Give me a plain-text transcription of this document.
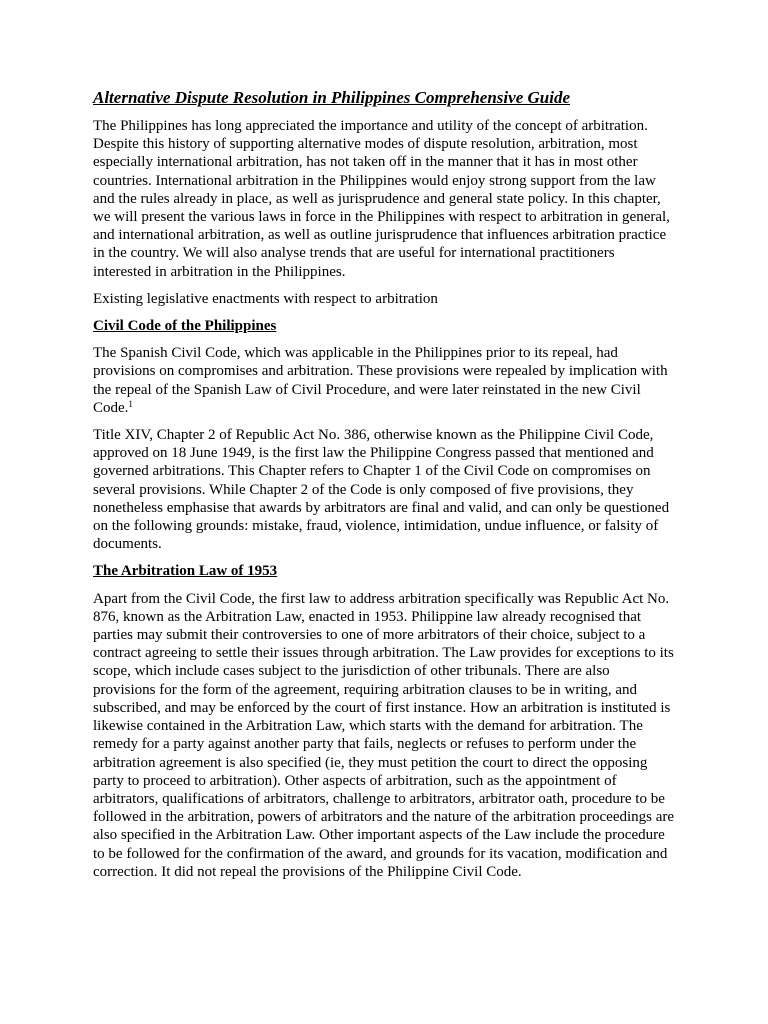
Alternative Dispute Resolution in Philippines Comprehensive Guide

The Philippines has long appreciated the importance and utility of the concept of arbitration. Despite this history of supporting alternative modes of dispute resolution, arbitration, most especially international arbitration, has not taken off in the manner that it has in most other countries. International arbitration in the Philippines would enjoy strong support from the law and the rules already in place, as well as jurisprudence and general state policy. In this chapter, we will present the various laws in force in the Philippines with respect to arbitration in general, and international arbitration, as well as outline jurisprudence that influences arbitration practice in the country. We will also analyse trends that are useful for international practitioners interested in arbitration in the Philippines.

Existing legislative enactments with respect to arbitration

Civil Code of the Philippines

The Spanish Civil Code, which was applicable in the Philippines prior to its repeal, had provisions on compromises and arbitration. These provisions were repealed by implication with the repeal of the Spanish Law of Civil Procedure, and were later reinstated in the new Civil Code.$^1$

Title XIV, Chapter 2 of Republic Act No. 386, otherwise known as the Philippine Civil Code, approved on 18 June 1949, is the first law the Philippine Congress passed that mentioned and governed arbitrations. This Chapter refers to Chapter 1 of the Civil Code on compromises on several provisions. While Chapter 2 of the Code is only composed of five provisions, they nonetheless emphasise that awards by arbitrators are final and valid, and can only be questioned on the following grounds: mistake, fraud, violence, intimidation, undue influence, or falsity of documents.

The Arbitration Law of 1953

Apart from the Civil Code, the first law to address arbitration specifically was Republic Act No. 876, known as the Arbitration Law, enacted in 1953. Philippine law already recognised that parties may submit their controversies to one of more arbitrators of their choice, subject to a contract agreeing to settle their issues through arbitration. The Law provides for exceptions to its scope, which include cases subject to the jurisdiction of other tribunals. There are also provisions for the form of the agreement, requiring arbitration clauses to be in writing, and subscribed, and may be enforced by the court of first instance. How an arbitration is instituted is likewise contained in the Arbitration Law, which starts with the demand for arbitration. The remedy for a party against another party that fails, neglects or refuses to perform under the arbitration agreement is also specified (ie, they must petition the court to direct the opposing party to proceed to arbitration). Other aspects of arbitration, such as the appointment of arbitrators, qualifications of arbitrators, challenge to arbitrators, arbitrator oath, procedure to be followed in the arbitration, powers of arbitrators and the nature of the arbitration proceedings are also specified in the Arbitration Law. Other important aspects of the Law include the procedure to be followed for the confirmation of the award, and grounds for its vacation, modification and correction. It did not repeal the provisions of the Philippine Civil Code.
